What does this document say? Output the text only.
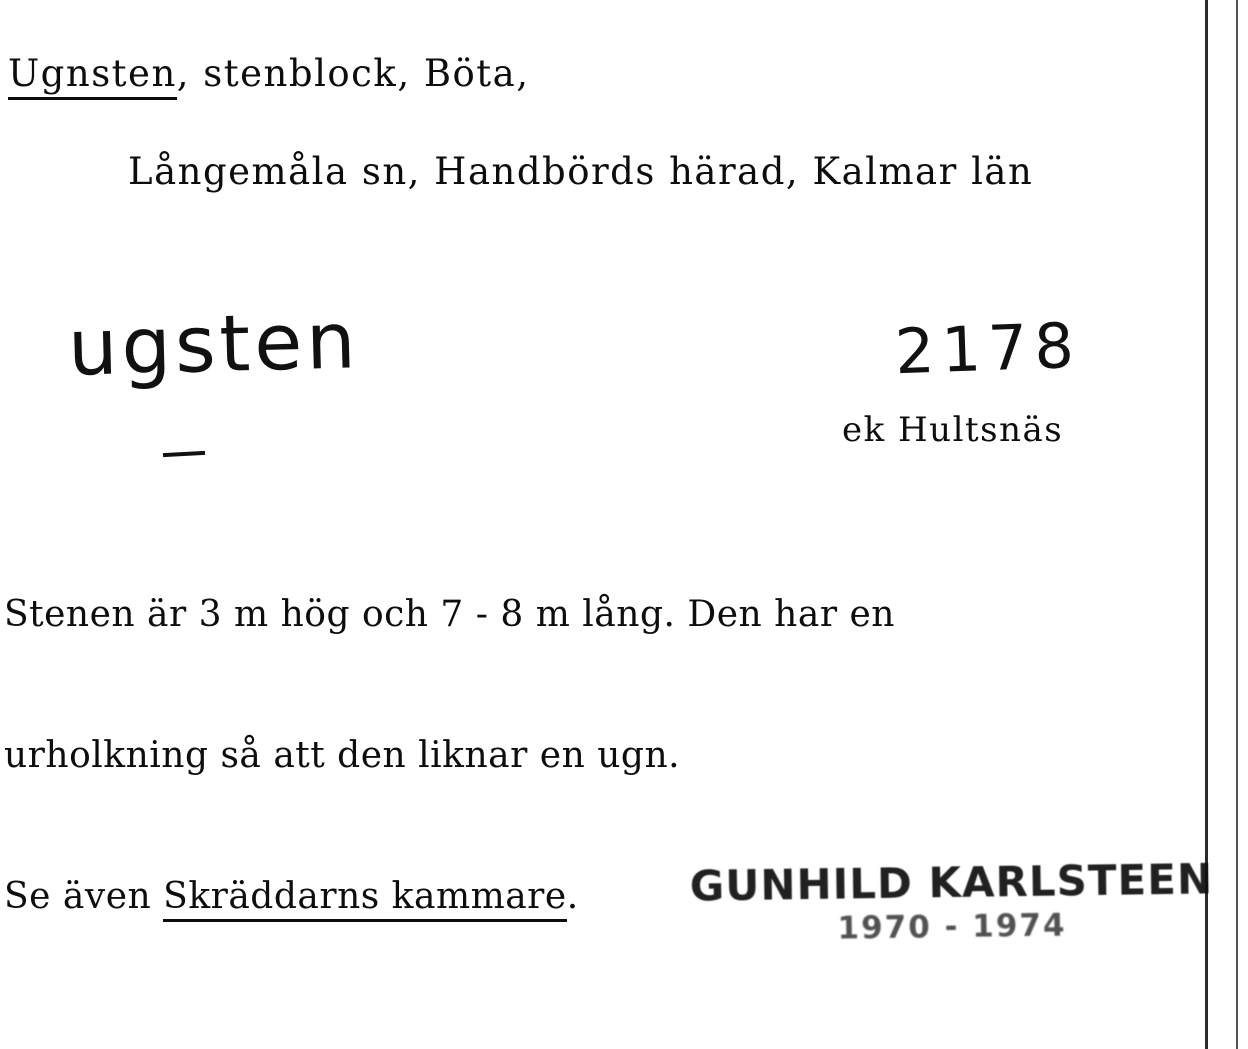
Ugnsten, stenblock, Böta,
Långemåla sn, Handbörds härad, Kalmar län
ugsten	2178
ek Hultsnäs

Stenen är 3 m hög och 7 - 8 m lång. Den har en

urholkning så att den liknar en ugn.

Se även Skräddarns kammare.

	GUNHILD KARLSTEEN
1970 - 1974
